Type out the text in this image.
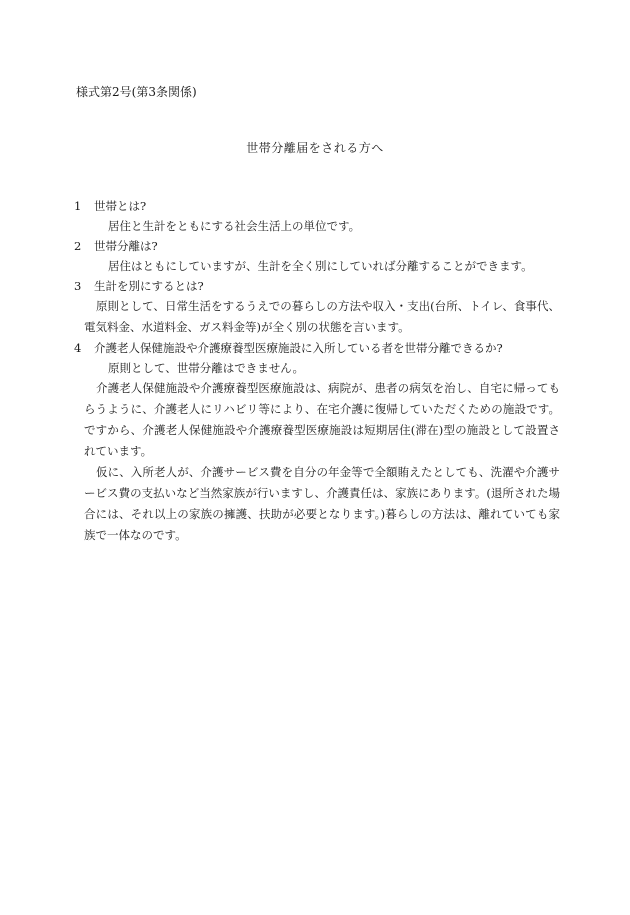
様式第2号(第3条関係)
世帯分離届をされる方へ
1	世帯とは?
居住と生計をともにする社会生活上の単位です。
2	世帯分離は?
居住はともにしていますが、生計を全く別にしていれば分離することができます。
3	生計を別にするとは?
原則として、日常生活をするうえでの暮らしの方法や収入・支出(台所、トイレ、食事代、電気料金、水道料金、ガス料金等)が全く別の状態を言います。
4	介護老人保健施設や介護療養型医療施設に入所している者を世帯分離できるか?
原則として、世帯分離はできません。
介護老人保健施設や介護療養型医療施設は、病院が、患者の病気を治し、自宅に帰ってもらうように、介護老人にリハビリ等により、在宅介護に復帰していただくための施設です。ですから、介護老人保健施設や介護療養型医療施設は短期居住(滞在)型の施設として設置されています。
仮に、入所老人が、介護サービス費を自分の年金等で全額賄えたとしても、洗濯や介護サービス費の支払いなど当然家族が行いますし、介護責任は、家族にあります。(退所された場合には、それ以上の家族の擁護、扶助が必要となります。)暮らしの方法は、離れていても家族で一体なのです。
